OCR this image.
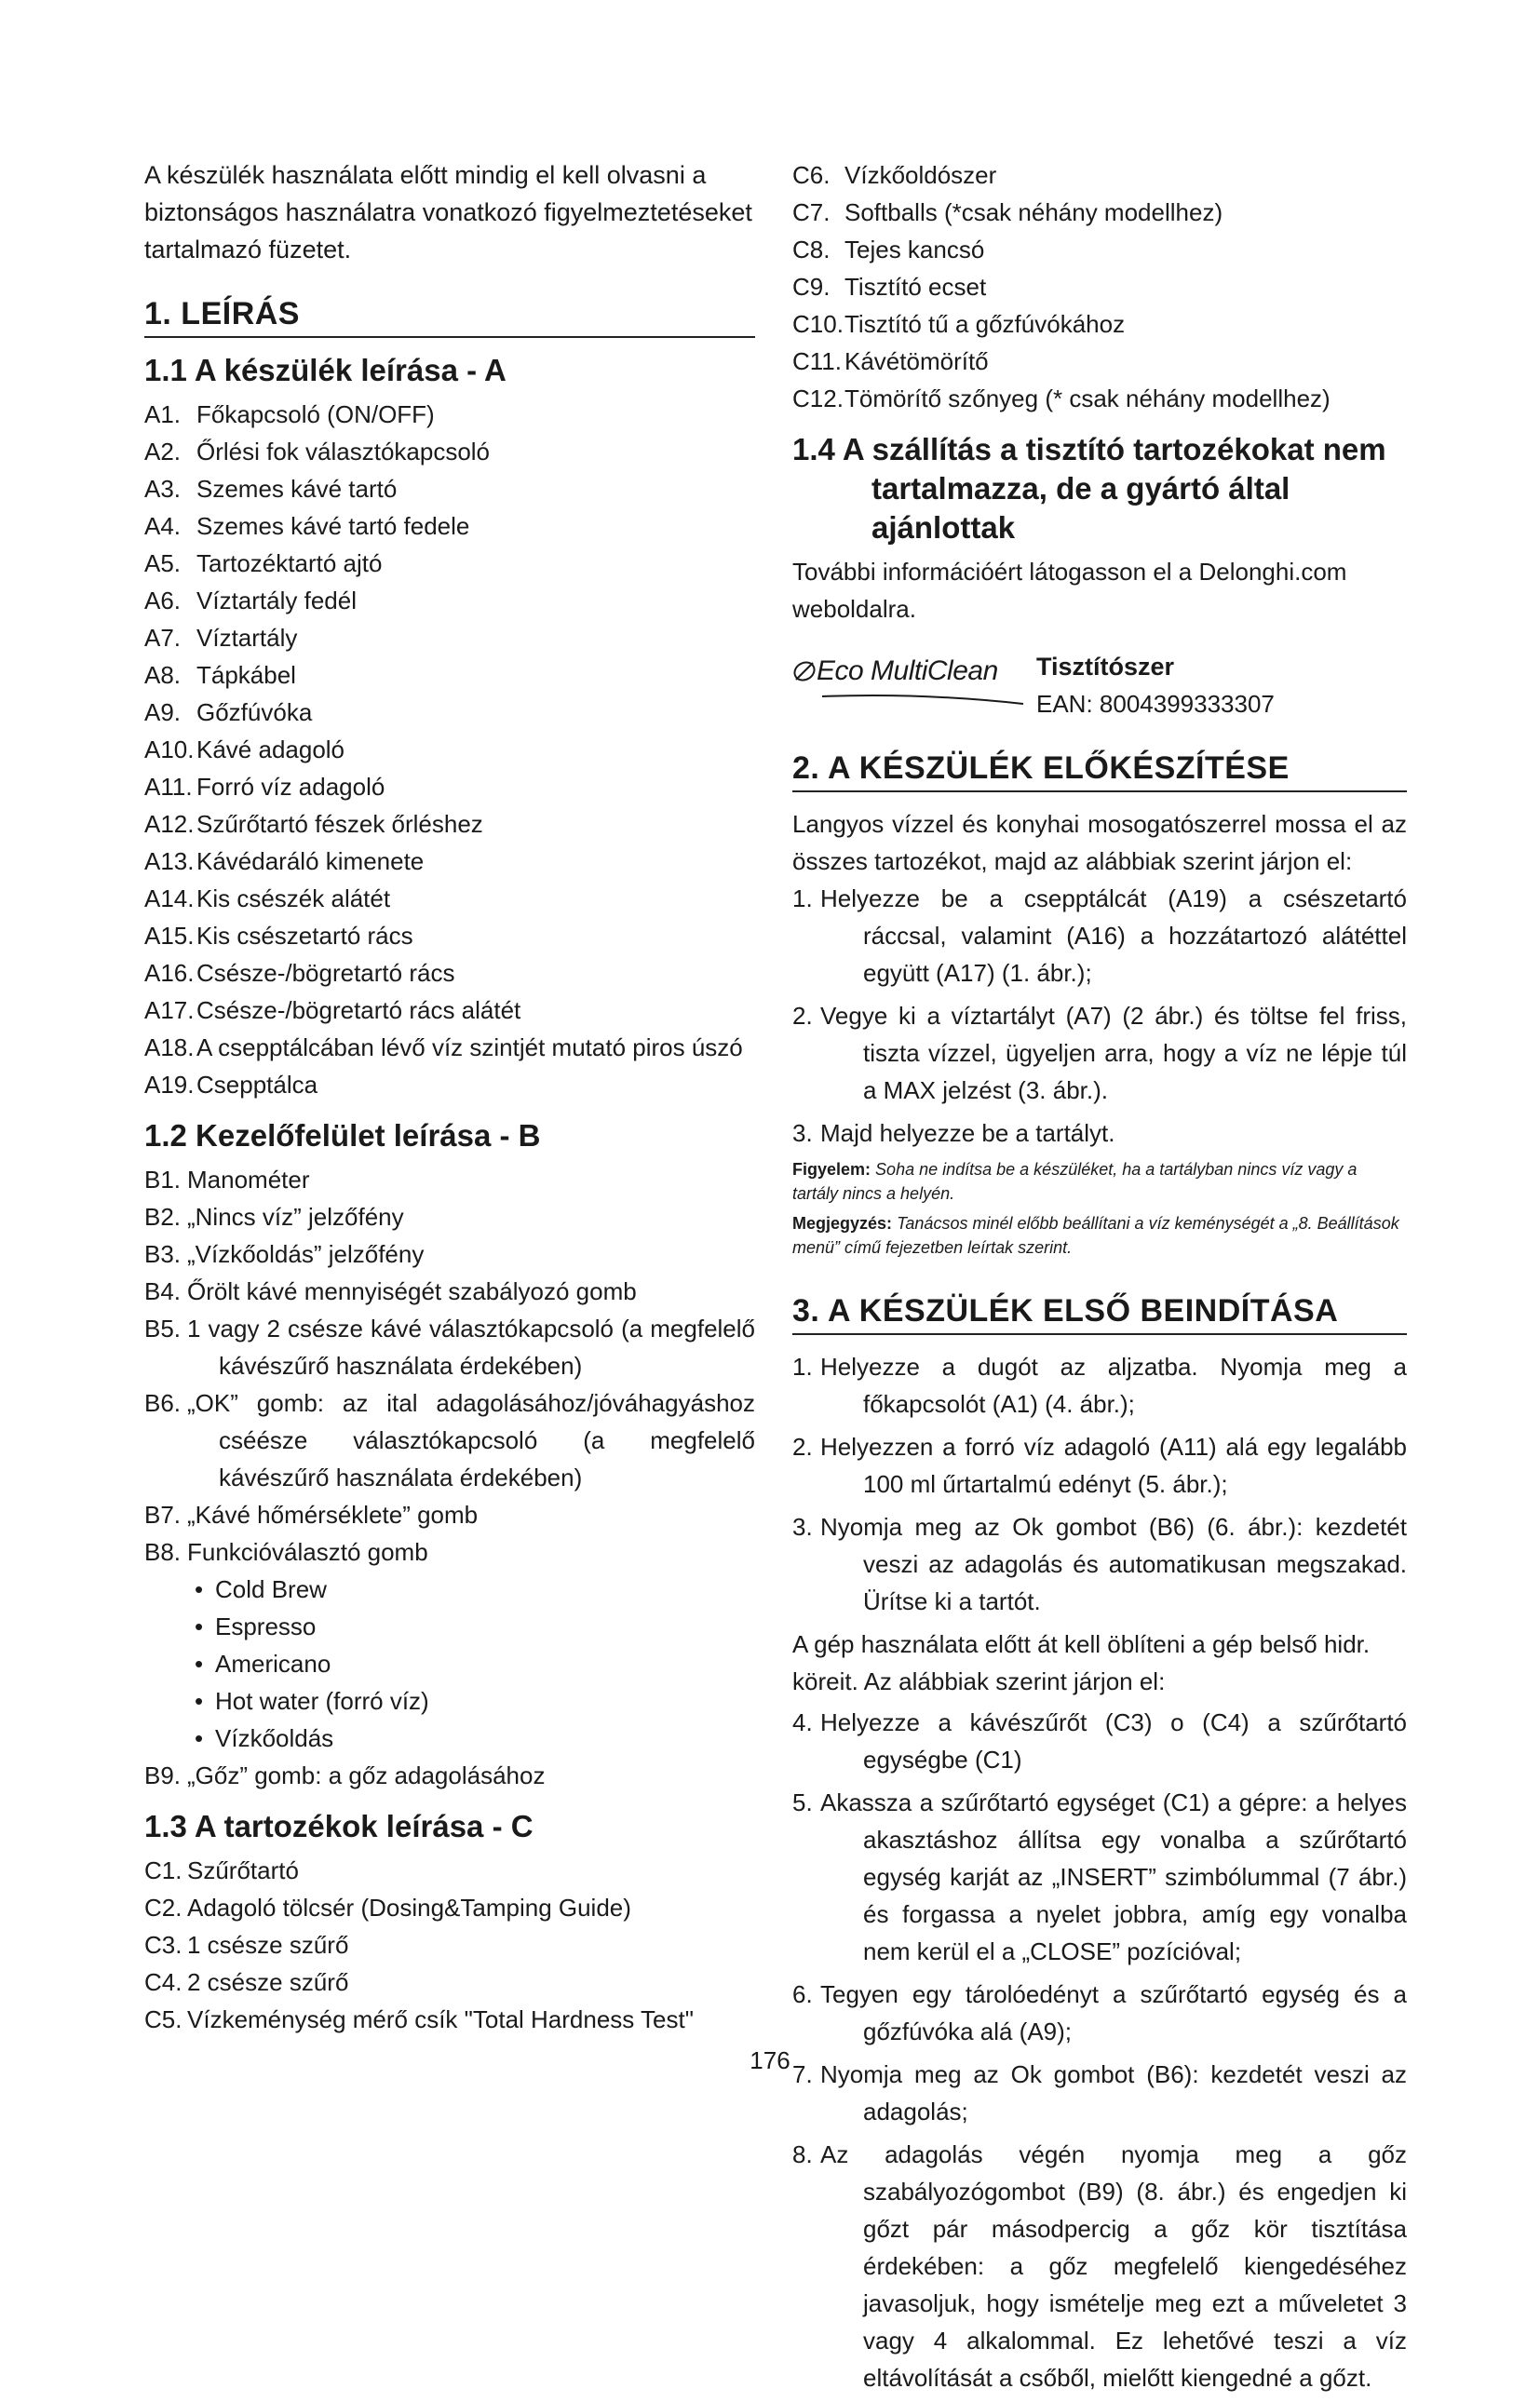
A készülék használata előtt mindig el kell olvasni a biztonságos használatra vonatkozó figyelmeztetéseket tartalmazó füzetet.

1. LEÍRÁS
1.1 A készülék leírása - A
A1. Főkapcsoló (ON/OFF)
A2. Őrlési fok választókapcsoló
A3. Szemes kávé tartó
A4. Szemes kávé tartó fedele
A5. Tartozéktartó ajtó
A6. Víztartály fedél
A7. Víztartály
A8. Tápkábel
A9. Gőzfúvóka
A10. Kávé adagoló
A11. Forró víz adagoló
A12. Szűrőtartó fészek őrléshez
A13. Kávédaráló kimenete
A14. Kis csészék alátét
A15. Kis csészetartó rács
A16. Csésze-/bögretartó rács
A17. Csésze-/bögretartó rács alátét
A18. A csepptálcában lévő víz szintjét mutató piros úszó
A19. Csepptálca
1.2 Kezelőfelület leírása - B
B1. Manométer
B2. „Nincs víz” jelzőfény
B3. „Vízkőoldás” jelzőfény
B4. Őrölt kávé mennyiségét szabályozó gomb
B5. 1 vagy 2 csésze kávé választókapcsoló (a megfelelő kávészűrő használata érdekében)
B6. „OK” gomb: az ital adagolásához/jóváhagyáshoz cséésze választókapcsoló (a megfelelő kávészűrő használata érdekében)
B7. „Kávé hőmérséklete” gomb
B8. Funkcióválasztó gomb
• Cold Brew
• Espresso
• Americano
• Hot water (forró víz)
• Vízkőoldás
B9. „Gőz” gomb: a gőz adagolásához
1.3 A tartozékok leírása - C
C1. Szűrőtartó
C2. Adagoló tölcsér (Dosing&Tamping Guide)
C3. 1 csésze szűrő
C4. 2 csésze szűrő
C5. Vízkeménység mérő csík "Total Hardness Test"
C6. Vízkőoldószer
C7. Softballs (*csak néhány modellhez)
C8. Tejes kancsó
C9. Tisztító ecset
C10. Tisztító tű a gőzfúvókához
C11. Kávétömörítő
C12. Tömörítő szőnyeg (* csak néhány modellhez)
1.4 A szállítás a tisztító tartozékokat nem
tartalmazza, de a gyártó által ajánlottak

További információért látogasson el a Delonghi.com weboldalra.

Eco MultiClean Tisztítószer
EAN: 8004399333307
2. A KÉSZÜLÉK ELŐKÉSZÍTÉSE

Langyos vízzel és konyhai mosogatószerrel mossa el az összes tartozékot, majd az alábbiak szerint járjon el:

1. Helyezze be a csepptálcát (A19) a csészetartó ráccsal, valamint (A16) a hozzátartozó alátéttel együtt (A17) (1. ábr.);
2. Vegye ki a víztartályt (A7) (2 ábr.) és töltse fel friss, tiszta vízzel, ügyeljen arra, hogy a víz ne lépje túl a MAX jelzést (3. ábr.).
3. Majd helyezze be a tartályt.

Figyelem: Soha ne indítsa be a készüléket, ha a tartályban nincs víz vagy a tartály nincs a helyén.

Megjegyzés: Tanácsos minél előbb beállítani a víz keménységét a „8. Beállítások menü” című fejezetben leírtak szerint.

3. A KÉSZÜLÉK ELSŐ BEINDÍTÁSA
1. Helyezze a dugót az aljzatba. Nyomja meg a főkapcsolót (A1) (4. ábr.);
2. Helyezzen a forró víz adagoló (A11) alá egy legalább 100 ml űrtartalmú edényt (5. ábr.);
3. Nyomja meg az Ok gombot (B6) (6. ábr.): kezdetét veszi az adagolás és automatikusan megszakad. Ürítse ki a tartót.

A gép használata előtt át kell öblíteni a gép belső hidr. köreit. Az alábbiak szerint járjon el:

4. Helyezze a kávészűrőt (C3) o (C4) a szűrőtartó egységbe (C1)
5. Akassza a szűrőtartó egységet (C1) a gépre: a helyes akasztáshoz állítsa egy vonalba a szűrőtartó egység karját az „INSERT” szimbólummal (7 ábr.) és forgassa a nyelet jobbra, amíg egy vonalba nem kerül el a „CLOSE” pozícióval;
6. Tegyen egy tárolóedényt a szűrőtartó egység és a gőzfúvóka alá (A9);
7. Nyomja meg az Ok gombot (B6): kezdetét veszi az adagolás;
8. Az adagolás végén nyomja meg a gőz szabályozógombot (B9) (8. ábr.) és engedjen ki gőzt pár másodpercig a gőz kör tisztítása érdekében: a gőz megfelelő kiengedéséhez javasoljuk, hogy ismételje meg ezt a műveletet 3 vagy 4 alkalommal. Ez lehetővé teszi a víz eltávolítását a csőből, mielőtt kiengedné a gőzt.
176
